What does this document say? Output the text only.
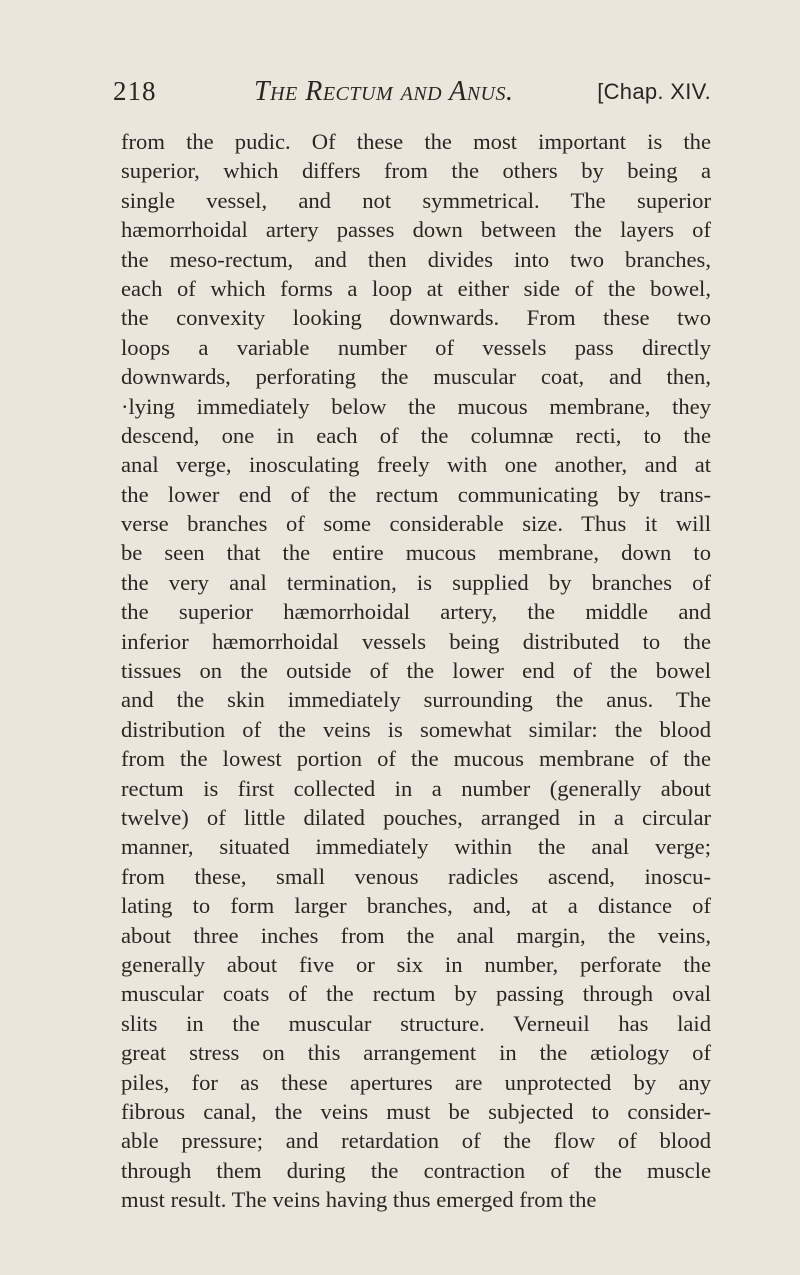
218	The Rectum and Anus.	[Chap. XIV.
from the pudic. Of these the most important is the
superior, which differs from the others by being a
single vessel, and not symmetrical. The superior
hæmorrhoidal artery passes down between the layers of
the meso-rectum, and then divides into two branches,
each of which forms a loop at either side of the bowel,
the convexity looking downwards. From these two
loops a variable number of vessels pass directly
downwards, perforating the muscular coat, and then,
·lying immediately below the mucous membrane, they
descend, one in each of the columnæ recti, to the
anal verge, inosculating freely with one another, and at
the lower end of the rectum communicating by trans-
verse branches of some considerable size. Thus it will
be seen that the entire mucous membrane, down to
the very anal termination, is supplied by branches of
the superior hæmorrhoidal artery, the middle and
inferior hæmorrhoidal vessels being distributed to the
tissues on the outside of the lower end of the bowel
and the skin immediately surrounding the anus. The
distribution of the veins is somewhat similar: the blood
from the lowest portion of the mucous membrane of the
rectum is first collected in a number (generally about
twelve) of little dilated pouches, arranged in a circular
manner, situated immediately within the anal verge;
from these, small venous radicles ascend, inoscu-
lating to form larger branches, and, at a distance of
about three inches from the anal margin, the veins,
generally about five or six in number, perforate the
muscular coats of the rectum by passing through oval
slits in the muscular structure. Verneuil has laid
great stress on this arrangement in the ætiology of
piles, for as these apertures are unprotected by any
fibrous canal, the veins must be subjected to consider-
able pressure; and retardation of the flow of blood
through them during the contraction of the muscle
must result. The veins having thus emerged from the
